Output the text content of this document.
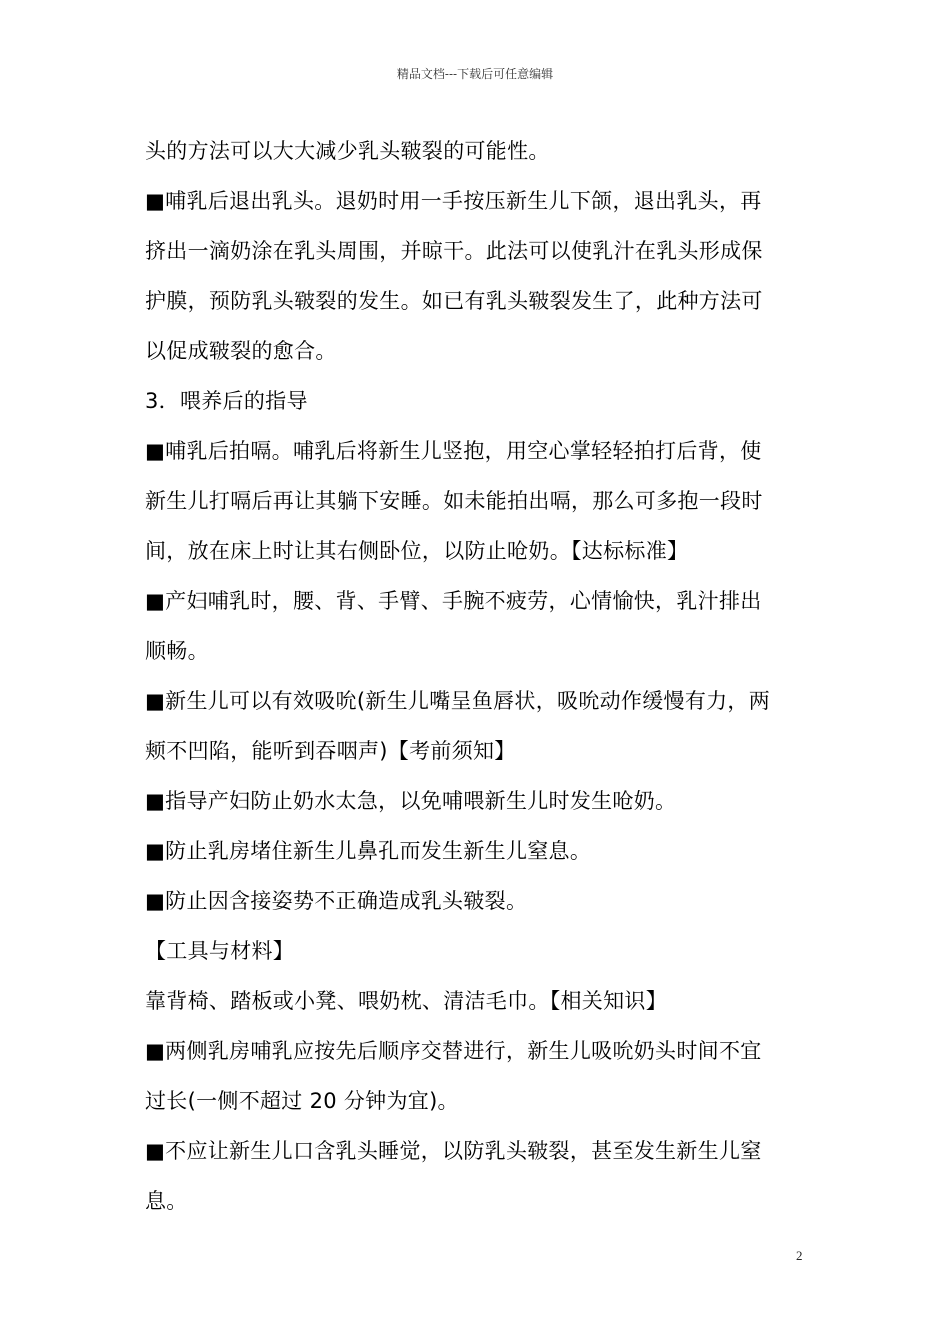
精品文档---下载后可任意编辑
头的方法可以大大减少乳头皲裂的可能性。
■哺乳后退出乳头。退奶时用一手按压新生儿下颌，退出乳头，再
挤出一滴奶涂在乳头周围，并晾干。此法可以使乳汁在乳头形成保
护膜，预防乳头皲裂的发生。如已有乳头皲裂发生了，此种方法可
以促成皲裂的愈合。
3．喂养后的指导
■哺乳后拍嗝。哺乳后将新生儿竖抱，用空心掌轻轻拍打后背，使
新生儿打嗝后再让其躺下安睡。如未能拍出嗝，那么可多抱一段时
间，放在床上时让其右侧卧位，以防止呛奶。【达标标准】
■产妇哺乳时，腰、背、手臂、手腕不疲劳，心情愉快，乳汁排出
顺畅。
■新生儿可以有效吸吮(新生儿嘴呈鱼唇状，吸吮动作缓慢有力，两
颊不凹陷，能听到吞咽声)【考前须知】
■指导产妇防止奶水太急，以免哺喂新生儿时发生呛奶。
■防止乳房堵住新生儿鼻孔而发生新生儿窒息。
■防止因含接姿势不正确造成乳头皲裂。
【工具与材料】
靠背椅、踏板或小凳、喂奶枕、清洁毛巾。【相关知识】
■两侧乳房哺乳应按先后顺序交替进行，新生儿吸吮奶头时间不宜
过长(一侧不超过 20 分钟为宜)。
■不应让新生儿口含乳头睡觉，以防乳头皲裂，甚至发生新生儿窒
息。
2
